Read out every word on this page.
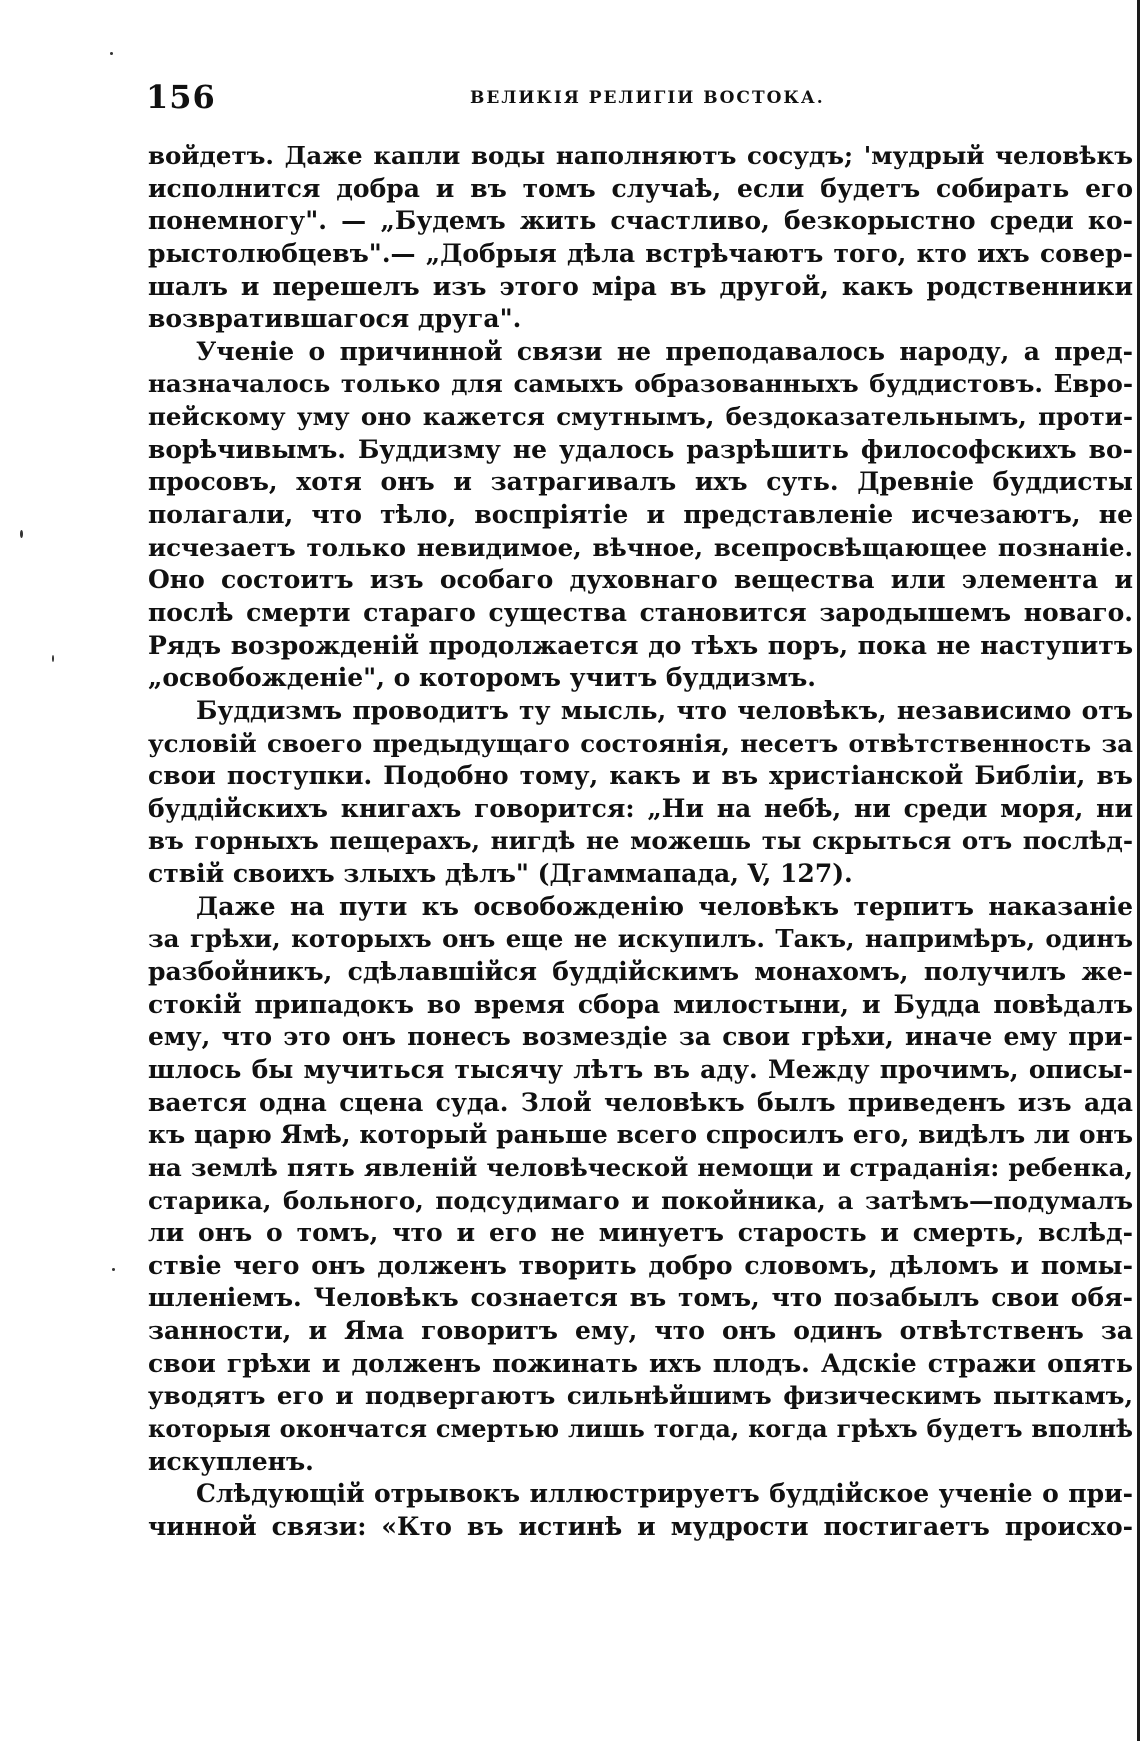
156	ВЕЛИКІЯ РЕЛИГІИ ВОСТОКА.
войдетъ. Даже капли воды наполняютъ сосудъ; 'мудрый человѣкъ
исполнится добра и въ томъ случаѣ, если будетъ собирать его
понемногу". — „Будемъ жить счастливо, безкорыстно среди ко-
рыстолюбцевъ".— „Добрыя дѣла встрѣчаютъ того, кто ихъ совер-
шалъ и перешелъ изъ этого міра въ другой, какъ родственники
возвратившагося друга".
Ученіе о причинной связи не преподавалось народу, а пред-
назначалось только для самыхъ образованныхъ буддистовъ. Евро-
пейскому уму оно кажется смутнымъ, бездоказательнымъ, проти-
ворѣчивымъ. Буддизму не удалось разрѣшить философскихъ во-
просовъ, хотя онъ и затрагивалъ ихъ суть. Древніе буддисты
полагали, что тѣло, воспріятіе и представленіе исчезаютъ, не
исчезаетъ только невидимое, вѣчное, всепросвѣщающее познаніе.
Оно состоитъ изъ особаго духовнаго вещества или элемента и
послѣ смерти стараго существа становится зародышемъ новаго.
Рядъ возрожденій продолжается до тѣхъ поръ, пока не наступитъ
„освобожденіе", о которомъ учитъ буддизмъ.
Буддизмъ проводитъ ту мысль, что человѣкъ, независимо отъ
условій своего предыдущаго состоянія, несетъ отвѣтственность за
свои поступки. Подобно тому, какъ и въ христіанской Библіи, въ
буддійскихъ книгахъ говорится: „Ни на небѣ, ни среди моря, ни
въ горныхъ пещерахъ, нигдѣ не можешь ты скрыться отъ послѣд-
ствій своихъ злыхъ дѣлъ" (Дгаммапада, V, 127).
Даже на пути къ освобожденію человѣкъ терпитъ наказаніе
за грѣхи, которыхъ онъ еще не искупилъ. Такъ, напримѣръ, одинъ
разбойникъ, сдѣлавшійся буддійскимъ монахомъ, получилъ же-
стокій припадокъ во время сбора милостыни, и Будда повѣдалъ
ему, что это онъ понесъ возмездіе за свои грѣхи, иначе ему при-
шлось бы мучиться тысячу лѣтъ въ аду. Между прочимъ, описы-
вается одна сцена суда. Злой человѣкъ былъ приведенъ изъ ада
къ царю Ямѣ, который раньше всего спросилъ его, видѣлъ ли онъ
на землѣ пять явленій человѣческой немощи и страданія: ребенка,
старика, больного, подсудимаго и покойника, а затѣмъ—подумалъ
ли онъ о томъ, что и его не минуетъ старость и смерть, вслѣд-
ствіе чего онъ долженъ творить добро словомъ, дѣломъ и помы-
шленіемъ. Человѣкъ сознается въ томъ, что позабылъ свои обя-
занности, и Яма говоритъ ему, что онъ одинъ отвѣтственъ за
свои грѣхи и долженъ пожинать ихъ плодъ. Адскіе стражи опять
уводятъ его и подвергаютъ сильнѣйшимъ физическимъ пыткамъ,
которыя окончатся смертью лишь тогда, когда грѣхъ будетъ вполнѣ
искупленъ.
Слѣдующій отрывокъ иллюстрируетъ буддійское ученіе о при-
чинной связи: «Кто въ истинѣ и мудрости постигаетъ происхо-
